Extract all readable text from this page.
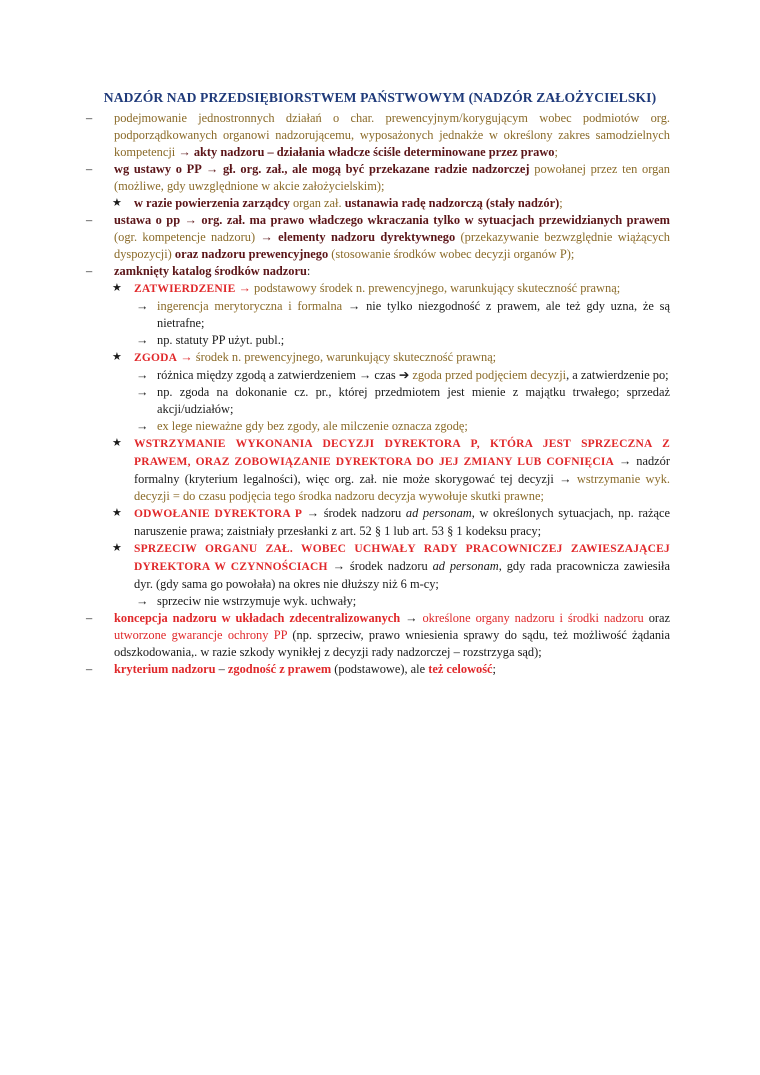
NADZÓR NAD PRZEDSIĘBIORSTWEM PAŃSTWOWYM (NADZÓR ZAŁOŻYCIELSKI)
– podejmowanie jednostronnych działań o char. prewencyjnym/korygującym wobec podmiotów org. podporządkowanych organowi nadzorującemu, wyposażonych jednakże w określony zakres samodzielnych kompetencji → akty nadzoru – działania władcze ściśle determinowane przez prawo;
– wg ustawy o PP → gł. org. zał., ale mogą być przekazane radzie nadzorczej powołanej przez ten organ (możliwe, gdy uwzględnione w akcie założycielskim);
★ w razie powierzenia zarządcy organ zał. ustanawia radę nadzorczą (stały nadzór);
– ustawa o pp → org. zał. ma prawo władczego wkraczania tylko w sytuacjach przewidzianych prawem (ogr. kompetencje nadzoru) → elementy nadzoru dyrektywnego (przekazywanie bezwzględnie wiążących dyspozycji) oraz nadzoru prewencyjnego (stosowanie środków wobec decyzji organów P);
– zamknięty katalog środków nadzoru:
★ ZATWIERDZENIE → podstawowy środek n. prewencyjnego, warunkujący skuteczność prawną;
→ ingerencja merytoryczna i formalna → nie tylko niezgodność z prawem, ale też gdy uzna, że są nietrafne;
→ np. statuty PP użyt. publ.;
★ ZGODA → środek n. prewencyjnego, warunkujący skuteczność prawną;
→ różnica między zgodą a zatwierdzeniem → czas ➔ zgoda przed podjęciem decyzji, a zatwierdzenie po;
→ np. zgoda na dokonanie cz. pr., której przedmiotem jest mienie z majątku trwałego; sprzedaż akcji/udziałów;
→ ex lege nieważne gdy bez zgody, ale milczenie oznacza zgodę;
★ WSTRZYMANIE WYKONANIA DECYZJI DYREKTORA P, KTÓRA JEST SPRZECZNA Z PRAWEM, ORAZ ZOBOWIĄZANIE DYREKTORA DO JEJ ZMIANY LUB COFNIĘCIA → nadzór formalny (kryterium legalności), więc org. zał. nie może skorygować tej decyzji → wstrzymanie wyk. decyzji = do czasu podjęcia tego środka nadzoru decyzja wywołuje skutki prawne;
★ ODWOŁANIE DYREKTORA P → środek nadzoru ad personam, w określonych sytuacjach, np. rażące naruszenie prawa; zaistniały przesłanki z art. 52 § 1 lub art. 53 § 1 kodeksu pracy;
★ SPRZECIW ORGANU ZAŁ. WOBEC UCHWAŁY RADY PRACOWNICZEJ ZAWIESZAJĄCEJ DYREKTORA W CZYNNOŚCIACH → środek nadzoru ad personam, gdy rada pracownicza zawiesiła dyr. (gdy sama go powołała) na okres nie dłuższy niż 6 m-cy;
→ sprzeciw nie wstrzymuje wyk. uchwały;
– koncepcja nadzoru w układach zdecentralizowanych → określone organy nadzoru i środki nadzoru oraz utworzone gwarancje ochrony PP (np. sprzeciw, prawo wniesienia sprawy do sądu, też możliwość żądania odszkodowania,. w razie szkody wynikłej z decyzji rady nadzorczej – rozstrzyga sąd);
– kryterium nadzoru – zgodność z prawem (podstawowe), ale też celowość;
